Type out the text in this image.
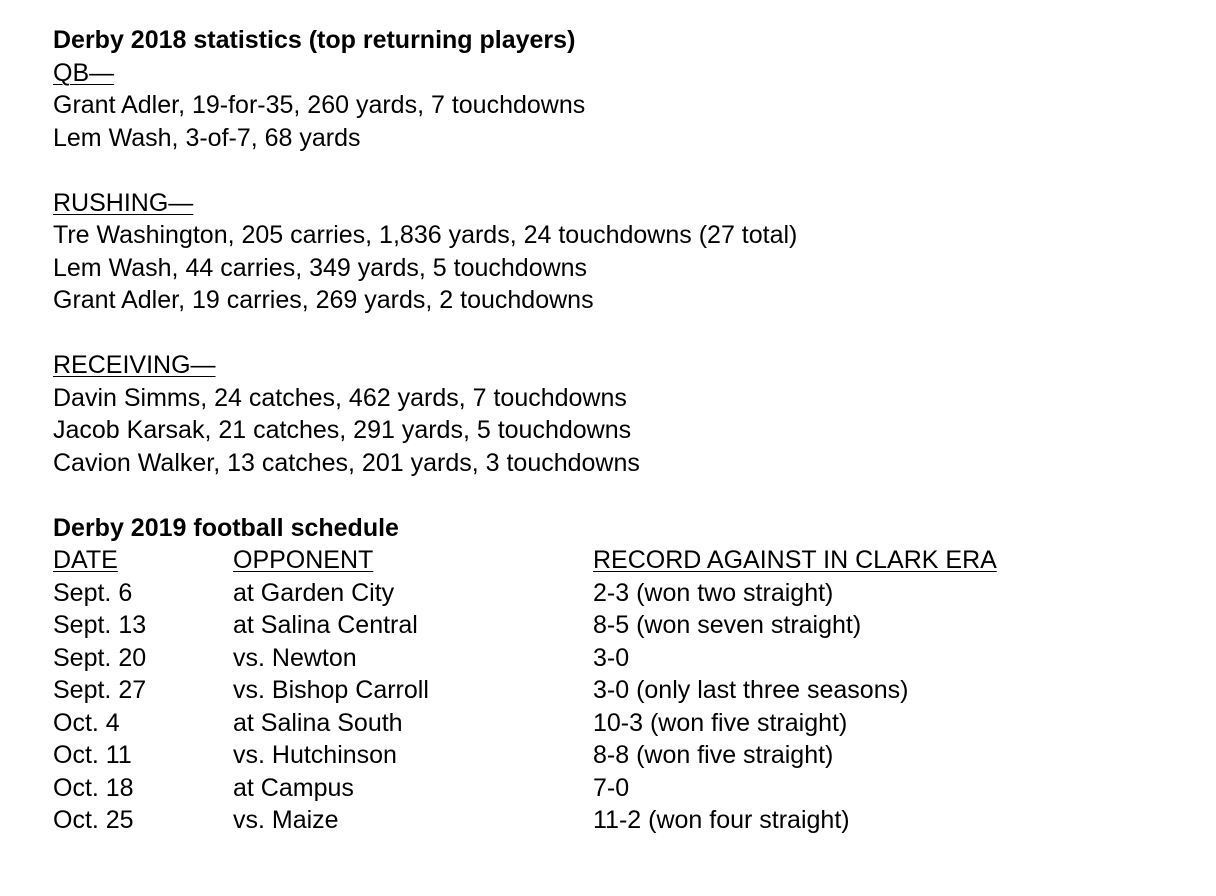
Derby 2018 statistics (top returning players)
QB—
Grant Adler, 19-for-35, 260 yards, 7 touchdowns
Lem Wash, 3-of-7, 68 yards
RUSHING—
Tre Washington, 205 carries, 1,836 yards, 24 touchdowns (27 total)
Lem Wash, 44 carries, 349 yards, 5 touchdowns
Grant Adler, 19 carries, 269 yards, 2 touchdowns
RECEIVING—
Davin Simms, 24 catches, 462 yards, 7 touchdowns
Jacob Karsak, 21 catches, 291 yards, 5 touchdowns
Cavion Walker, 13 catches, 201 yards, 3 touchdowns
Derby 2019 football schedule
DATE	OPPONENT	RECORD AGAINST IN CLARK ERA
Sept. 6	at Garden City	2-3 (won two straight)
Sept. 13	at Salina Central	8-5 (won seven straight)
Sept. 20	vs. Newton	3-0
Sept. 27	vs. Bishop Carroll	3-0 (only last three seasons)
Oct. 4	at Salina South	10-3 (won five straight)
Oct. 11	vs. Hutchinson	8-8 (won five straight)
Oct. 18	at Campus	7-0
Oct. 25	vs. Maize	11-2 (won four straight)
